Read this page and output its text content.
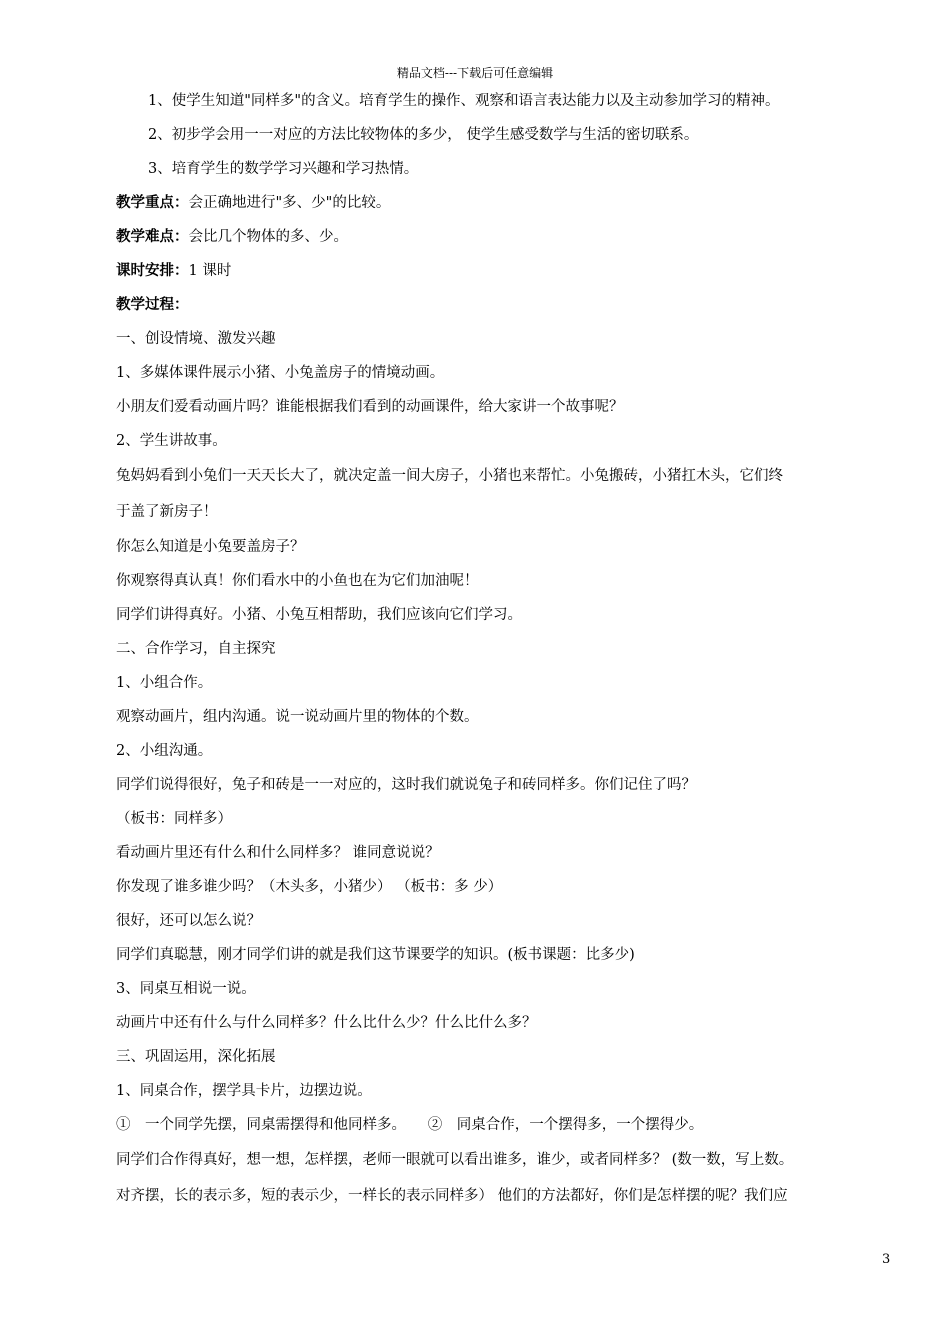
精品文档---下载后可任意编辑
1、使学生知道"同样多"的含义。培育学生的操作、观察和语言表达能力以及主动参加学习的精神。
2、初步学会用一一对应的方法比较物体的多少， 使学生感受数学与生活的密切联系。
3、培育学生的数学学习兴趣和学习热情。
教学重点：会正确地进行"多、少"的比较。
教学难点：会比几个物体的多、少。
课时安排：1 课时
教学过程：
一、创设情境、激发兴趣
1、多媒体课件展示小猪、小兔盖房子的情境动画。
小朋友们爱看动画片吗？谁能根据我们看到的动画课件，给大家讲一个故事呢？
2、学生讲故事。
兔妈妈看到小兔们一天天长大了，就决定盖一间大房子，小猪也来帮忙。小兔搬砖，小猪扛木头，它们终
于盖了新房子！
你怎么知道是小兔要盖房子？
你观察得真认真！你们看水中的小鱼也在为它们加油呢！
同学们讲得真好。小猪、小兔互相帮助，我们应该向它们学习。
二、合作学习，自主探究
1、小组合作。
观察动画片，组内沟通。说一说动画片里的物体的个数。
2、小组沟通。
同学们说得很好，兔子和砖是一一对应的，这时我们就说兔子和砖同样多。你们记住了吗？
（板书：同样多）
看动画片里还有什么和什么同样多？ 谁同意说说？
你发现了谁多谁少吗？（木头多，小猪少） （板书：多 少）
很好，还可以怎么说？
同学们真聪慧，刚才同学们讲的就是我们这节课要学的知识。(板书课题：比多少)
3、同桌互相说一说。
动画片中还有什么与什么同样多？什么比什么少？什么比什么多？
三、巩固运用，深化拓展
1、同桌合作，摆学具卡片，边摆边说。
①　一个同学先摆，同桌需摆得和他同样多。　　②　同桌合作，一个摆得多，一个摆得少。
同学们合作得真好，想一想，怎样摆，老师一眼就可以看出谁多，谁少，或者同样多？ (数一数，写上数。
对齐摆，长的表示多，短的表示少，一样长的表示同样多） 他们的方法都好，你们是怎样摆的呢？我们应
3
